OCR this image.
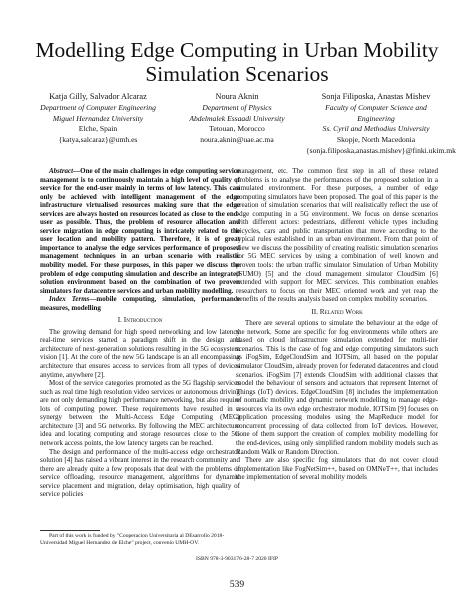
Modelling Edge Computing in Urban Mobility
Simulation Scenarios
Katja Gilly, Salvador Alcaraz
Department of Computer Engineering
Miguel Hernandez University
Elche, Spain
{katya,salcaraz}@umh.es
Noura Aknin
Department of Physics
Abdelmalek Essaadi University
Tetouan, Morocco
noura.aknin@uae.ac.ma
Sonja Filiposka, Anastas Mishev
Faculty of Computer Science and Engineering
Ss. Cyril and Methodius University
Skopje, North Macedonia
{sonja.filiposka,anastas.mishev}@finki.ukim.mk

Abstract—One of the main challenges in edge computing service management is to continuously maintain a high level of quality of service for the end-user mainly in terms of low latency. This can only be achieved with intelligent management of the edge infrastructure virtualised resources making sure that the edge services are always hosted on resources located as close to the end-user as possible. Thus, the problem of resource allocation and service migration in edge computing is intricately related to the user location and mobility pattern. Therefore, it is of great importance to analyse the edge services performance of proposed management techniques in an urban scenario with realistic mobility model. For these purposes, in this paper we discuss the problem of edge computing simulation and describe an integrated solution environment based on the combination of two proven simulators for datacentre services and urban mobility modelling.

Index Terms—mobile computing, simulation, performance measures, modelling

I. Introduction

The growing demand for high speed networking and low latency real-time services started a paradigm shift in the design and architecture of next-generation solutions resulting in the 5G ecosystem vision [1]. At the core of the new 5G landscape is an all encompassing architecture that ensures access to services from all types of devices anytime, anywhere [2].

Most of the service categories promoted as the 5G flagship services such as real time high resolution video services or autonomous driving are not only demanding high performance networking, but also require lots of computing power. These requirements have resulted in a synergy between the Multi-Access Edge Computing (MEC) architecture [3] and 5G networks. By following the MEC architecture idea and locating computing and storage resources close to the 5G network access points, the low latency targets can be reached.

The design and performance of the multi-access edge orchestrator solution [4] has raised a vibrant interest in the research community and there are already quite a few proposals that deal with the problems of service offloading, resource management, algorithms for dynamic service placement and migration, delay optimisation, high quality of service policies

Part of this work is funded by "Cooperacion Universitaria al DEsarrollo 2018-Universidad Miguel Hernandez de Elche" project, convenio UMH-OV.

management, etc. The common first step in all of these related problems is to analyse the performances of the proposed solution in a simulated environment. For these purposes, a number of edge computing simulators have been proposed. The goal of this paper is the creation of simulation scenarios that will realistically reflect the use of edge computing in a 5G environment. We focus on dense scenarios with different actors: pedestrians, different vehicle types including bicycles, cars and public transportation that move according to the typical rules established in an urban environment. From that point of view we discuss the possibility of creating realistic simulation scenarios for 5G MEC services by using a combination of well known and proven tools: the urban traffic simulator Simulation of Urban Mobility (SUMO) [5] and the cloud management simulator CloudSim [6] extended with support for MEC services. This combination enables researchers to focus on their MEC oriented work and yet reap the benefits of the results analysis based on complex mobility scenarios.

II. Related Work

There are several options to simulate the behaviour at the edge of the network. Some are specific for fog environments while others are based on cloud infrastructure simulation extended for multi-tier scenarios. This is the case of fog and edge computing simulators such as iFogSim, EdgeCloudSim and IOTSim, all based on the popular simulator CloudSim, already proven for federated datacentres and cloud scenarios. iFogSim [7] extends CloudSim with additional classes that model the behaviour of sensors and actuators that represent Internet of Things (IoT) devices. EdgeCloudSim [8] includes the implementation of nomadic mobility and dynamic network modelling to manage edge-resources via its own edge orchestrator module. IOTSim [9] focuses on application processing modules using the MapReduce model for concurrent processing of data collected from IoT devices. However, none of them support the creation of complex mobility modelling for the end-devices, using only simplified random mobility models such as Random Walk or Random Direction.

There are also specific fog simulators that do not cover cloud implementation like FogNetSim++, based on OMNeT++, that includes the implementation of several mobility models

ISBN 978-3-903176-28-7 2020 IFIP
539
